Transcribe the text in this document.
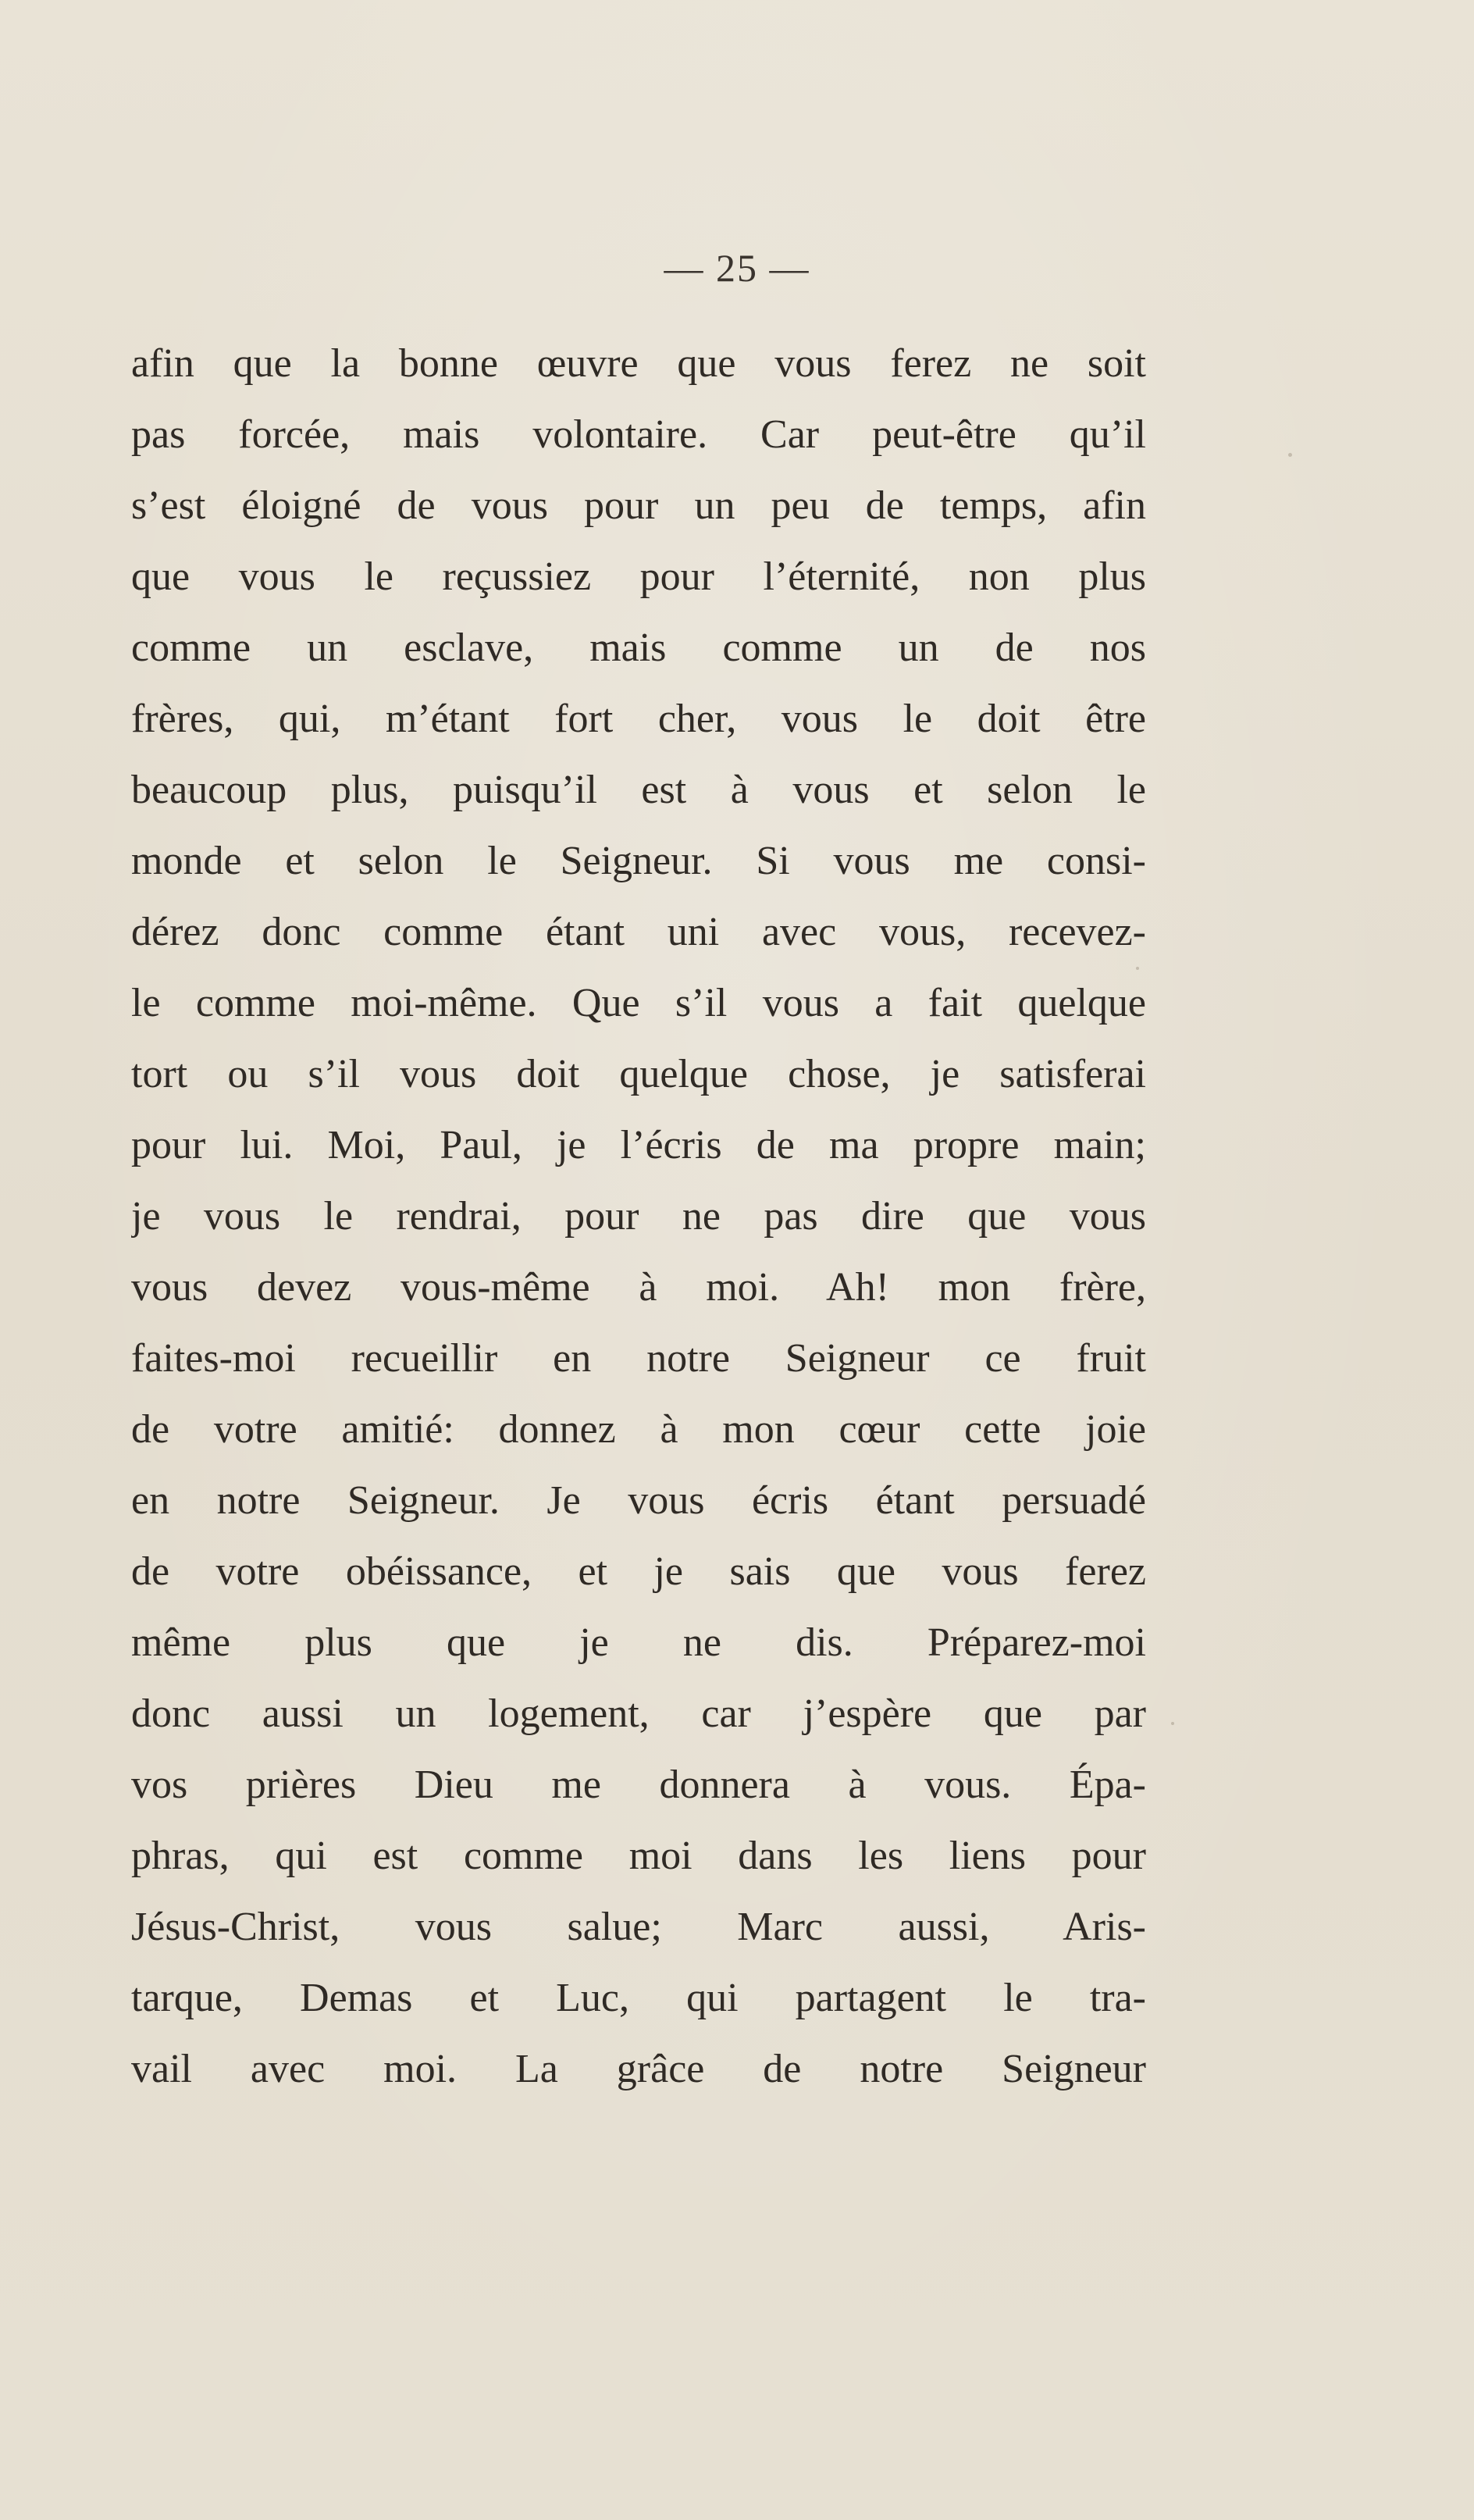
— 25 —
afin que la bonne œuvre que vous ferez ne soit
pas forcée, mais volontaire. Car peut-être qu’il
s’est éloigné de vous pour un peu de temps, afin
que vous le reçussiez pour l’éternité, non plus
comme un esclave, mais comme un de nos
frères, qui, m’étant fort cher, vous le doit être
beaucoup plus, puisqu’il est à vous et selon le
monde et selon le Seigneur. Si vous me consi-
dérez donc comme étant uni avec vous, recevez-
le comme moi-même. Que s’il vous a fait quelque
tort ou s’il vous doit quelque chose, je satisferai
pour lui. Moi, Paul, je l’écris de ma propre main;
je vous le rendrai, pour ne pas dire que vous
vous devez vous-même à moi. Ah! mon frère,
faites-moi recueillir en notre Seigneur ce fruit
de votre amitié: donnez à mon cœur cette joie
en notre Seigneur. Je vous écris étant persuadé
de votre obéissance, et je sais que vous ferez
même plus que je ne dis. Préparez-moi
donc aussi un logement, car j’espère que par
vos prières Dieu me donnera à vous. Épa-
phras, qui est comme moi dans les liens pour
Jésus-Christ, vous salue; Marc aussi, Aris-
tarque, Demas et Luc, qui partagent le tra-
vail avec moi. La grâce de notre Seigneur
